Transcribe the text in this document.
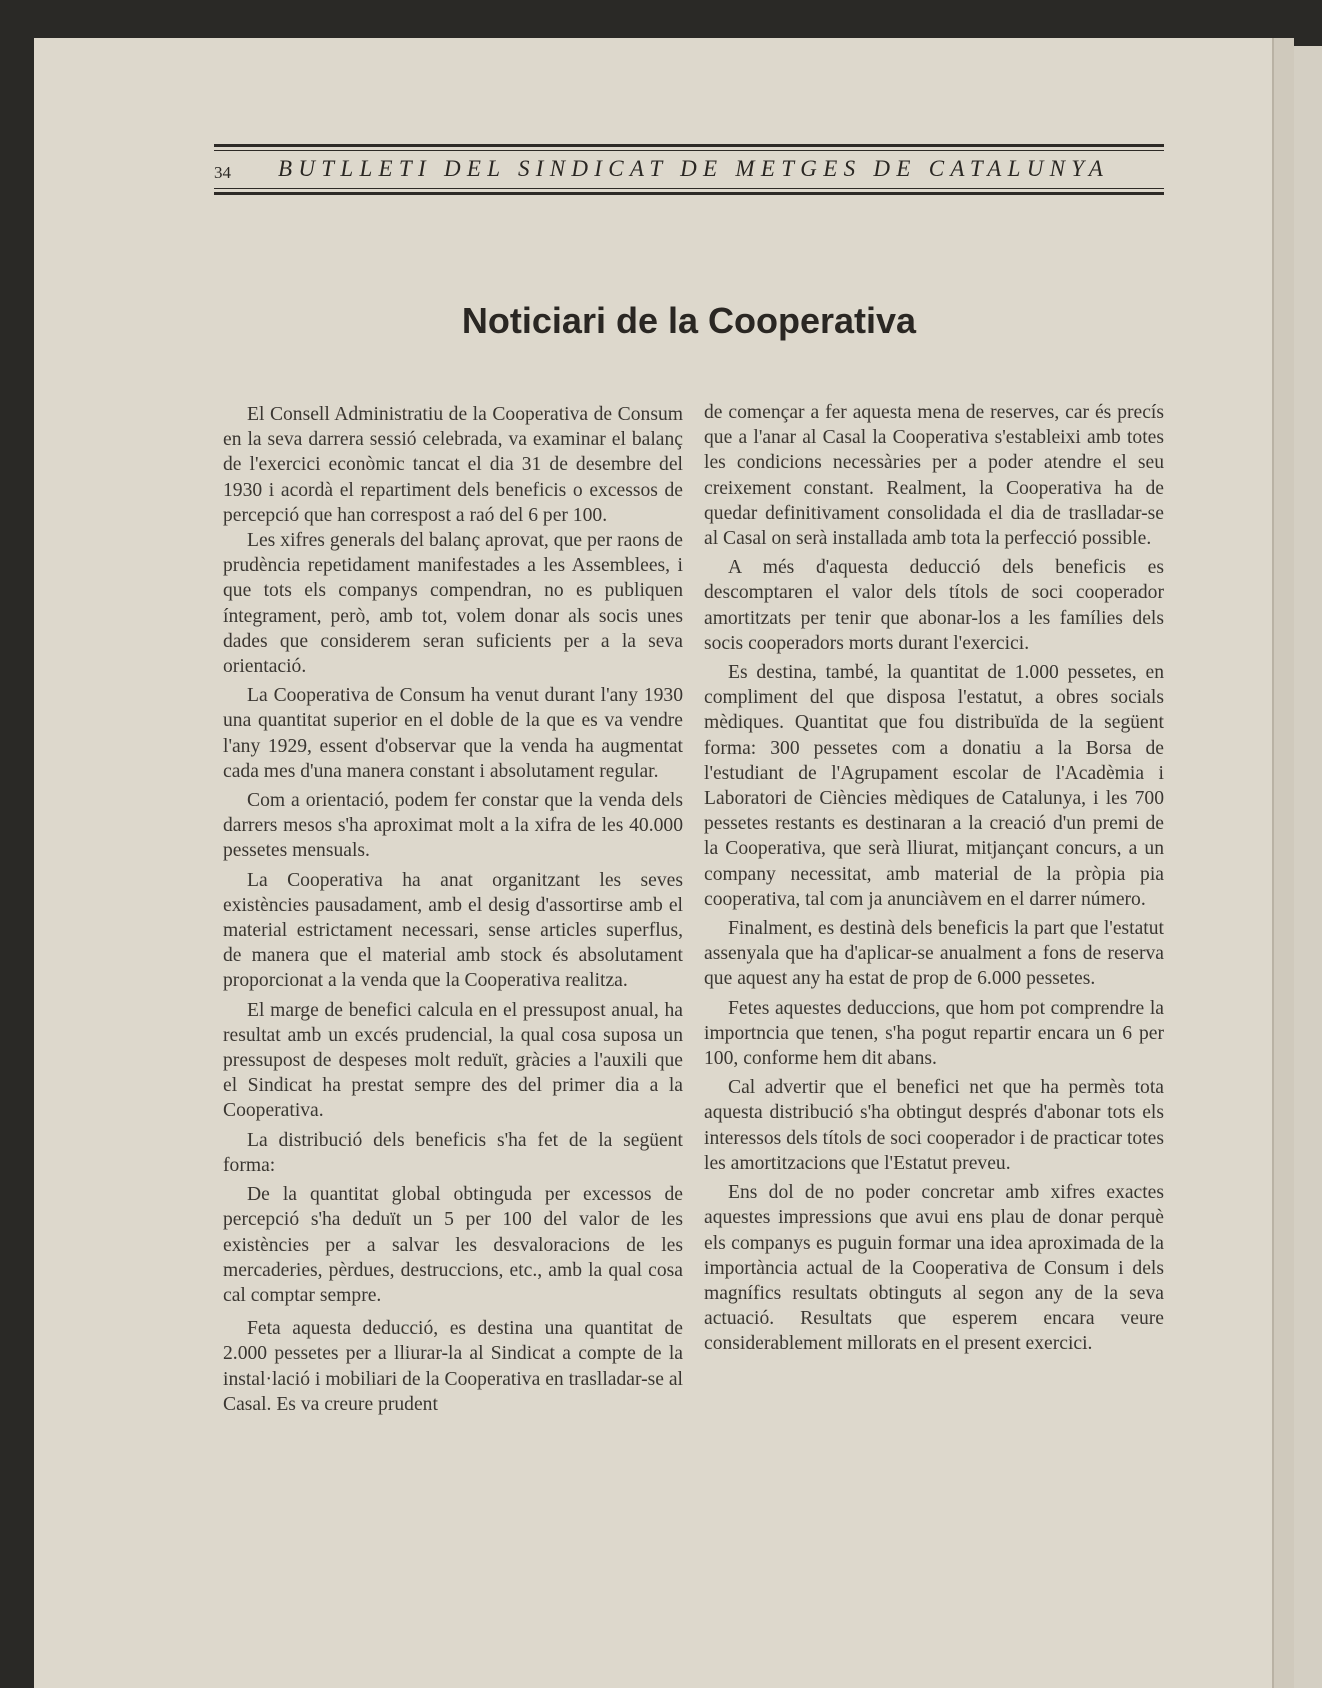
34 BUTLLETI DEL SINDICAT DE METGES DE CATALUNYA
Noticiari de la Cooperativa

El Consell Administratiu de la Cooperativa de Consum en la seva darrera sessió celebrada, va examinar el balanç de l'exercici econòmic tancat el dia 31 de desembre del 1930 i acordà el repartiment dels beneficis o excessos de percepció que han correspost a raó del 6 per 100.

Les xifres generals del balanç aprovat, que per raons de prudència repetidament manifestades a les Assemblees, i que tots els companys compendran, no es publiquen íntegrament, però, amb tot, volem donar als socis unes dades que considerem seran suficients per a la seva orientació.

La Cooperativa de Consum ha venut durant l'any 1930 una quantitat superior en el doble de la que es va vendre l'any 1929, essent d'observar que la venda ha augmentat cada mes d'una manera constant i absolutament regular.

Com a orientació, podem fer constar que la venda dels darrers mesos s'ha aproximat molt a la xifra de les 40.000 pessetes mensuals.

La Cooperativa ha anat organitzant les seves existències pausadament, amb el desig d'assortirse amb el material estrictament necessari, sense articles superflus, de manera que el material amb stock és absolutament proporcionat a la venda que la Cooperativa realitza.

El marge de benefici calcula en el pressupost anual, ha resultat amb un excés prudencial, la qual cosa suposa un pressupost de despeses molt reduït, gràcies a l'auxili que el Sindicat ha prestat sempre des del primer dia a la Cooperativa.

La distribució dels beneficis s'ha fet de la següent forma:

De la quantitat global obtinguda per excessos de percepció s'ha deduït un 5 per 100 del valor de les existències per a salvar les desvaloracions de les mercaderies, pèrdues, destruccions, etc., amb la qual cosa cal comptar sempre.

Feta aquesta deducció, es destina una quantitat de 2.000 pessetes per a lliurar-la al Sindicat a compte de la instal·lació i mobiliari de la Cooperativa en traslladar-se al Casal. Es va creure prudent

de començar a fer aquesta mena de reserves, car és precís que a l'anar al Casal la Cooperativa s'estableixi amb totes les condicions necessàries per a poder atendre el seu creixement constant. Realment, la Cooperativa ha de quedar definitivament consolidada el dia de traslladar-se al Casal on serà installada amb tota la perfecció possible.

A més d'aquesta deducció dels beneficis es descomptaren el valor dels títols de soci cooperador amortitzats per tenir que abonar-los a les famílies dels socis cooperadors morts durant l'exercici.

Es destina, també, la quantitat de 1.000 pessetes, en compliment del que disposa l'estatut, a obres socials mèdiques. Quantitat que fou distribuïda de la següent forma: 300 pessetes com a donatiu a la Borsa de l'estudiant de l'Agrupament escolar de l'Acadèmia i Laboratori de Ciències mèdiques de Catalunya, i les 700 pessetes restants es destinaran a la creació d'un premi de la Cooperativa, que serà lliurat, mitjançant concurs, a un company necessitat, amb material de la pròpia pia cooperativa, tal com ja anunciàvem en el darrer número.

Finalment, es destinà dels beneficis la part que l'estatut assenyala que ha d'aplicar-se anualment a fons de reserva que aquest any ha estat de prop de 6.000 pessetes.

Fetes aquestes deduccions, que hom pot comprendre la importncia que tenen, s'ha pogut repartir encara un 6 per 100, conforme hem dit abans.

Cal advertir que el benefici net que ha permès tota aquesta distribució s'ha obtingut després d'abonar tots els interessos dels títols de soci cooperador i de practicar totes les amortitzacions que l'Estatut preveu.

Ens dol de no poder concretar amb xifres exactes aquestes impressions que avui ens plau de donar perquè els companys es puguin formar una idea aproximada de la importància actual de la Cooperativa de Consum i dels magnífics resultats obtinguts al segon any de la seva actuació. Resultats que esperem encara veure considerablement millorats en el present exercici.
